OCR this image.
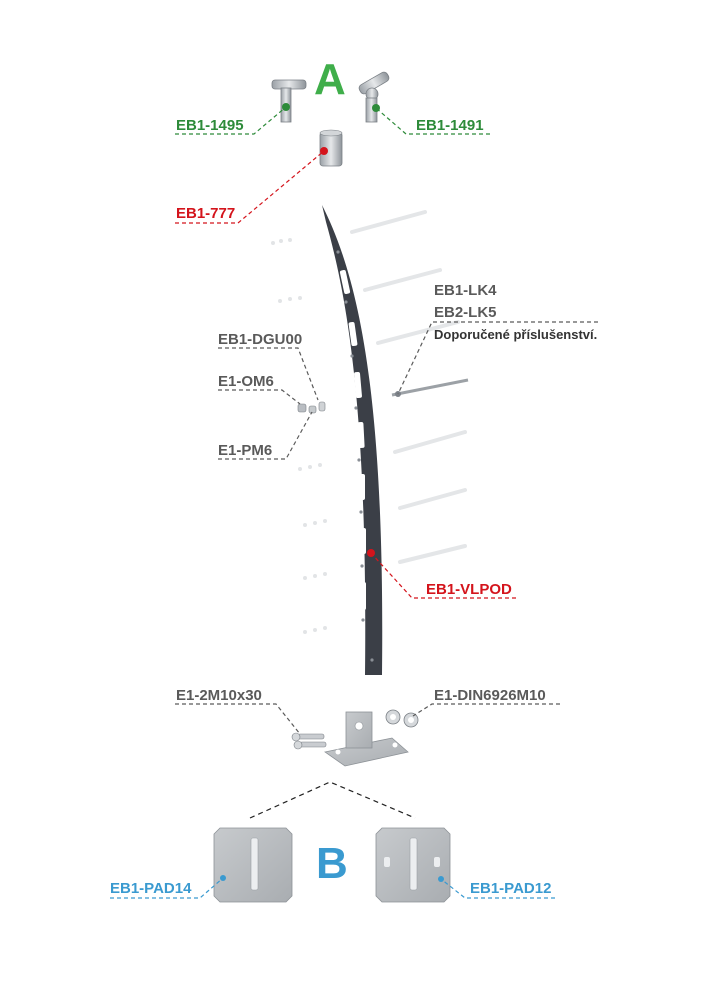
A
B
EB1-1495	EB1-1491
EB1-777
EB1-LK4
EB2-LK5
Doporučené příslušenství.
EB1-DGU00
E1-OM6
E1-PM6
EB1-VLPOD
E1-2M10x30	E1-DIN6926M10
EB1-PAD14	EB1-PAD12
